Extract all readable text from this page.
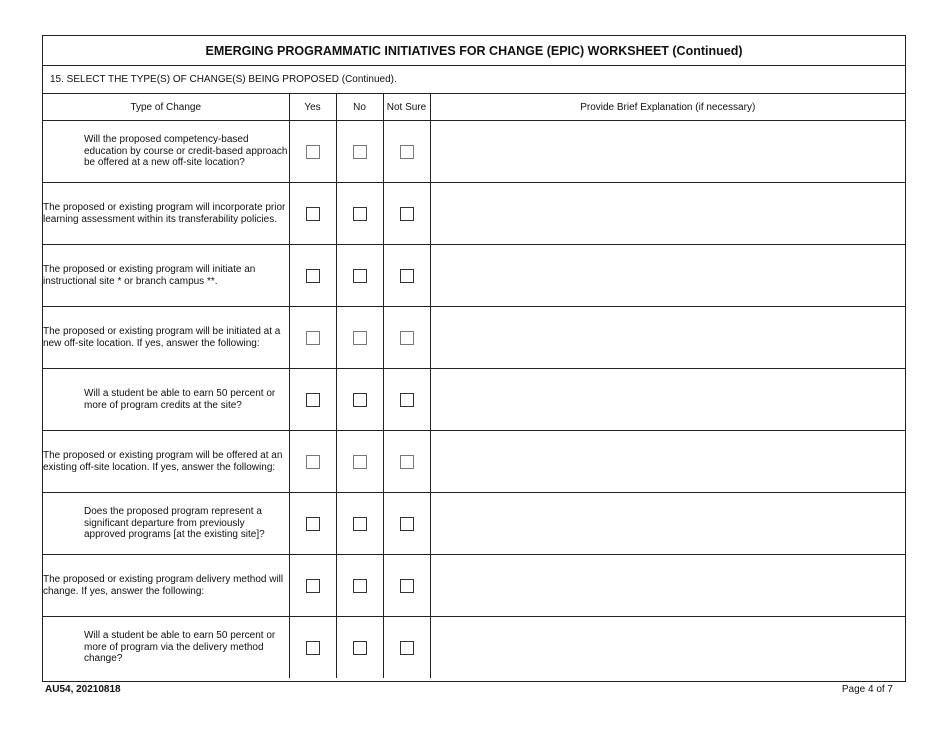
EMERGING PROGRAMMATIC INITIATIVES FOR CHANGE (EPIC) WORKSHEET (Continued)
15. SELECT THE TYPE(S) OF CHANGE(S) BEING PROPOSED (Continued).
Type of Change	Yes	No	Not Sure	Provide Brief Explanation (if necessary)
Will the proposed competency-based education by course or credit-based approach be offered at a new off-site location?				
The proposed or existing program will incorporate prior learning assessment within its transferability policies.				
The proposed or existing program will initiate an instructional site * or branch campus **.				
The proposed or existing program will be initiated at a new off-site location. If yes, answer the following:				
Will a student be able to earn 50 percent or more of program credits at the site?				
The proposed or existing program will be offered at an existing off-site location. If yes, answer the following:				
Does the proposed program represent a significant departure from previously approved programs [at the existing site]?				
The proposed or existing program delivery method will change. If yes, answer the following:				
Will a student be able to earn 50 percent or more of program via the delivery method change?				
AU54, 20210818	Page 4 of 7
